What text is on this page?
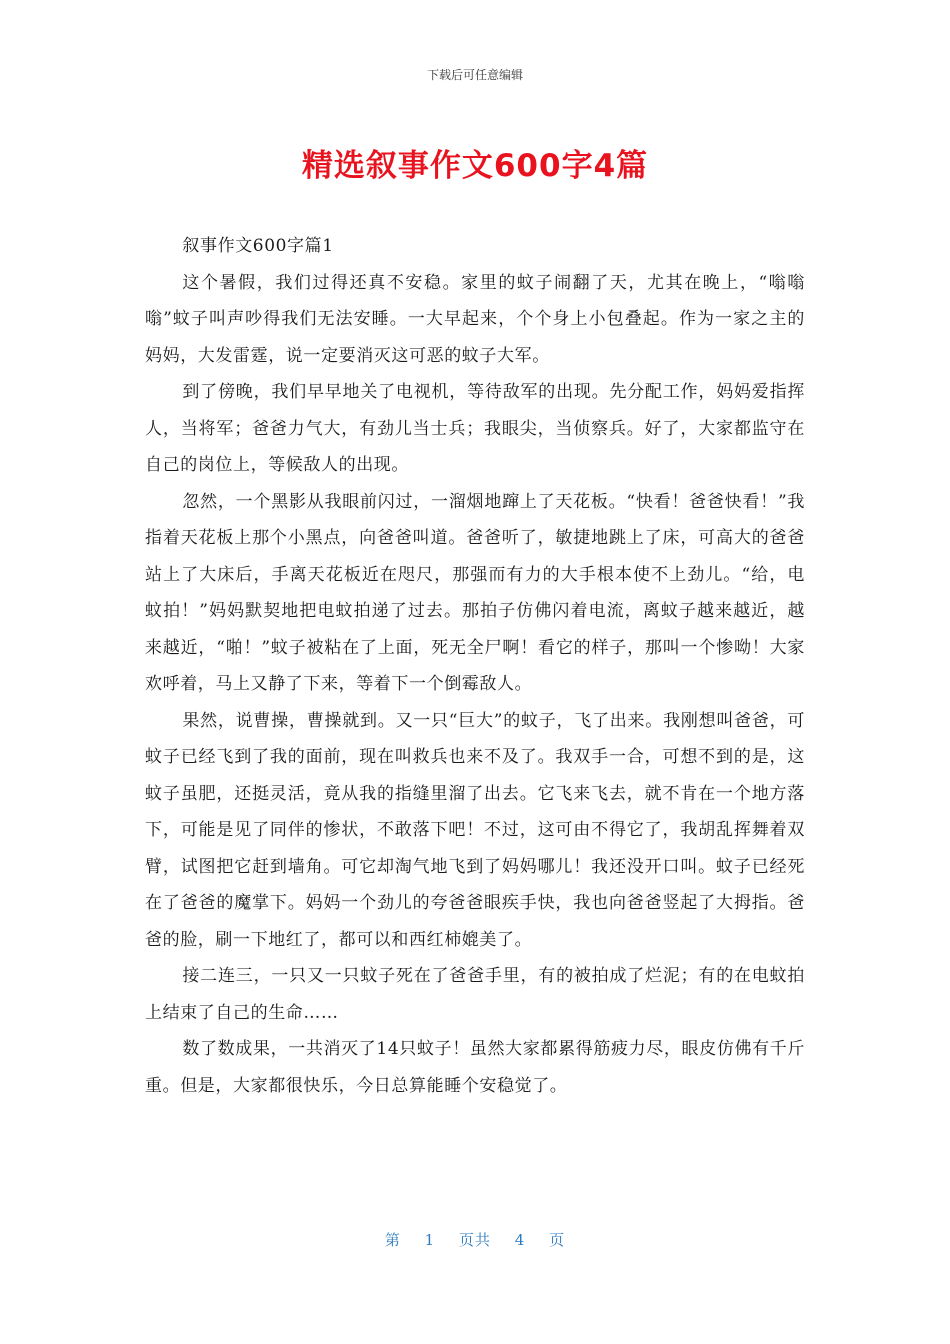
下载后可任意编辑
精选叙事作文600字4篇

叙事作文600字篇1

这个暑假，我们过得还真不安稳。家里的蚊子闹翻了天，尤其在晚上，“嗡嗡嗡”蚊子叫声吵得我们无法安睡。一大早起来，个个身上小包叠起。作为一家之主的妈妈，大发雷霆，说一定要消灭这可恶的蚊子大军。

到了傍晚，我们早早地关了电视机，等待敌军的出现。先分配工作，妈妈爱指挥人，当将军；爸爸力气大，有劲儿当士兵；我眼尖，当侦察兵。好了，大家都监守在自己的岗位上，等候敌人的出现。

忽然，一个黑影从我眼前闪过，一溜烟地蹿上了天花板。“快看！爸爸快看！”我指着天花板上那个小黑点，向爸爸叫道。爸爸听了，敏捷地跳上了床，可高大的爸爸站上了大床后，手离天花板近在咫尺，那强而有力的大手根本使不上劲儿。“给，电蚊拍！”妈妈默契地把电蚊拍递了过去。那拍子仿佛闪着电流，离蚊子越来越近，越来越近，“啪！”蚊子被粘在了上面，死无全尸啊！看它的样子，那叫一个惨呦！大家欢呼着，马上又静了下来，等着下一个倒霉敌人。

果然，说曹操，曹操就到。又一只“巨大”的蚊子，飞了出来。我刚想叫爸爸，可蚊子已经飞到了我的面前，现在叫救兵也来不及了。我双手一合，可想不到的是，这蚊子虽肥，还挺灵活，竟从我的指缝里溜了出去。它飞来飞去，就不肯在一个地方落下，可能是见了同伴的惨状，不敢落下吧！不过，这可由不得它了，我胡乱挥舞着双臂，试图把它赶到墙角。可它却淘气地飞到了妈妈哪儿！我还没开口叫。蚊子已经死在了爸爸的魔掌下。妈妈一个劲儿的夸爸爸眼疾手快，我也向爸爸竖起了大拇指。爸爸的脸，刷一下地红了，都可以和西红柿媲美了。

接二连三，一只又一只蚊子死在了爸爸手里，有的被拍成了烂泥；有的在电蚊拍上结束了自己的生命……

数了数成果，一共消灭了14只蚊子！虽然大家都累得筋疲力尽，眼皮仿佛有千斤重。但是，大家都很快乐，今日总算能睡个安稳觉了。

第 1 页共 4 页
